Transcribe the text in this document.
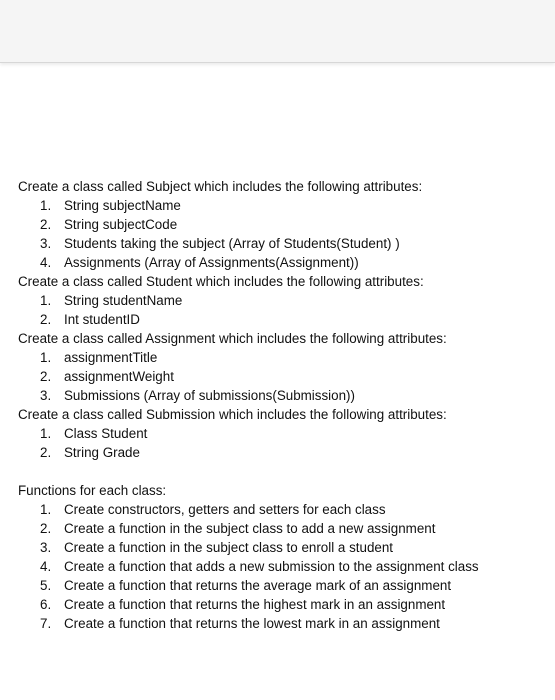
Create a class called Subject which includes the following attributes:
1. String subjectName
2. String subjectCode
3. Students taking the subject (Array of Students(Student) )
4. Assignments (Array of Assignments(Assignment))
Create a class called Student which includes the following attributes:
1. String studentName
2. Int studentID
Create a class called Assignment which includes the following attributes:
1. assignmentTitle
2. assignmentWeight
3. Submissions (Array of submissions(Submission))
Create a class called Submission which includes the following attributes:
1. Class Student
2. String Grade
Functions for each class:
1. Create constructors, getters and setters for each class
2. Create a function in the subject class to add a new assignment
3. Create a function in the subject class to enroll a student
4. Create a function that adds a new submission to the assignment class
5. Create a function that returns the average mark of an assignment
6. Create a function that returns the highest mark in an assignment
7. Create a function that returns the lowest mark in an assignment
